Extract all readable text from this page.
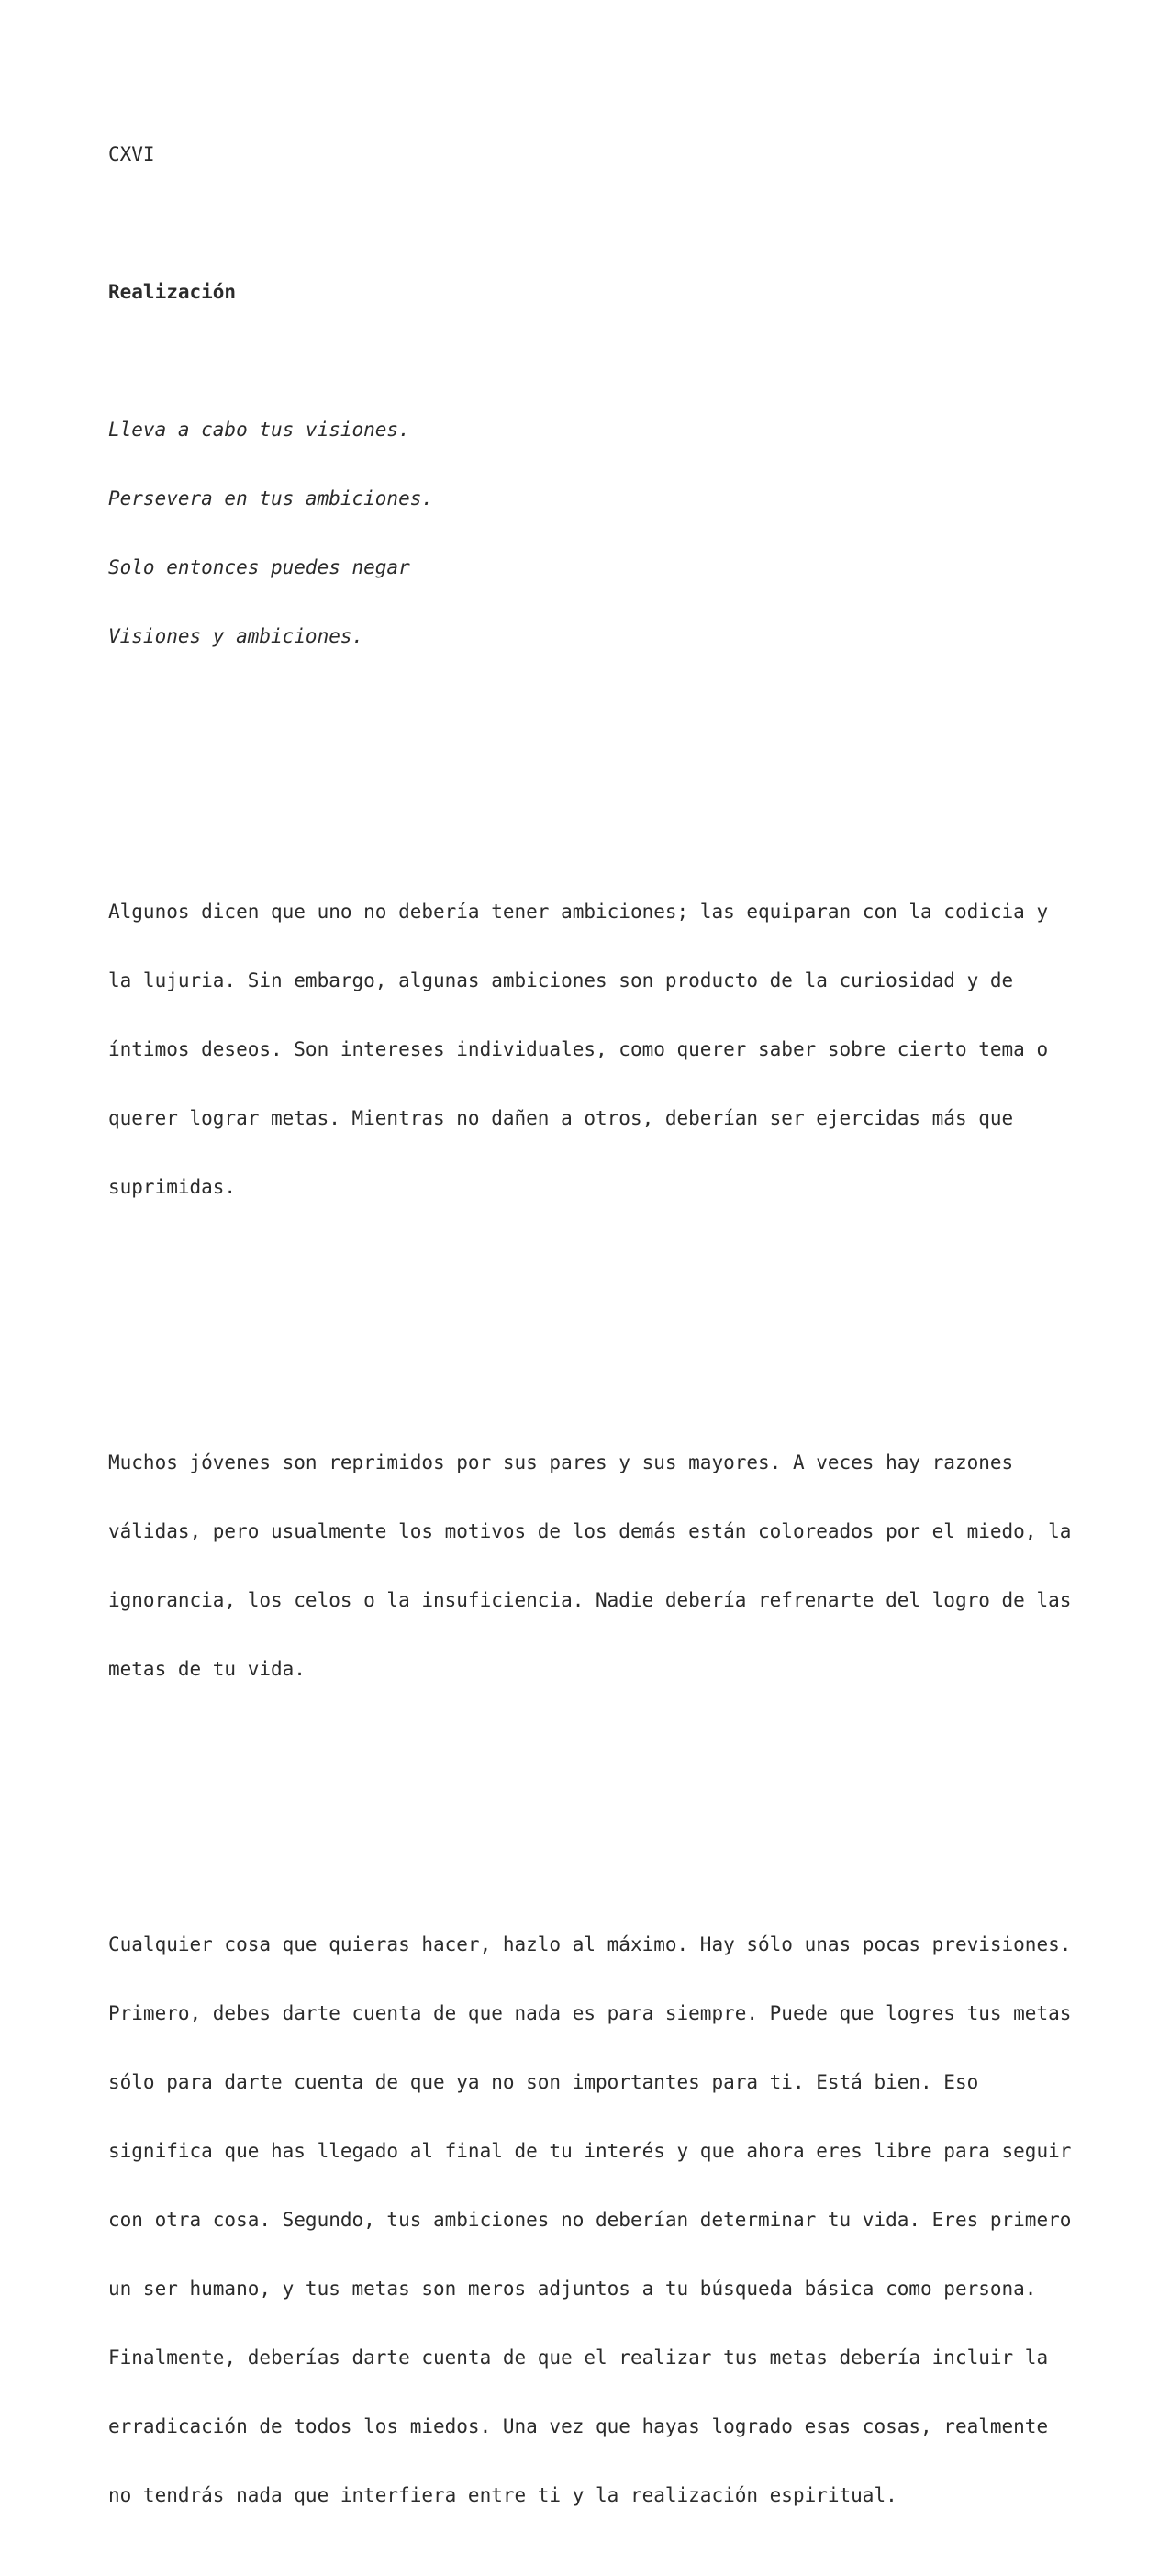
CXVI

Realización

Lleva a cabo tus visiones.

Persevera en tus ambiciones.

Solo entonces puedes negar

Visiones y ambiciones.

Algunos dicen que uno no debería tener ambiciones; las equiparan con la codicia y

la lujuria. Sin embargo, algunas ambiciones son producto de la curiosidad y de

íntimos deseos. Son intereses individuales, como querer saber sobre cierto tema o

querer lograr metas. Mientras no dañen a otros, deberían ser ejercidas más que

suprimidas.

Muchos jóvenes son reprimidos por sus pares y sus mayores. A veces hay razones

válidas, pero usualmente los motivos de los demás están coloreados por el miedo, la

ignorancia, los celos o la insuficiencia. Nadie debería refrenarte del logro de las

metas de tu vida.

Cualquier cosa que quieras hacer, hazlo al máximo. Hay sólo unas pocas previsiones.

Primero, debes darte cuenta de que nada es para siempre. Puede que logres tus metas

sólo para darte cuenta de que ya no son importantes para ti. Está bien. Eso

significa que has llegado al final de tu interés y que ahora eres libre para seguir

con otra cosa. Segundo, tus ambiciones no deberían determinar tu vida. Eres primero

un ser humano, y tus metas son meros adjuntos a tu búsqueda básica como persona.

Finalmente, deberías darte cuenta de que el realizar tus metas debería incluir la

erradicación de todos los miedos. Una vez que hayas logrado esas cosas, realmente

no tendrás nada que interfiera entre ti y la realización espiritual.
